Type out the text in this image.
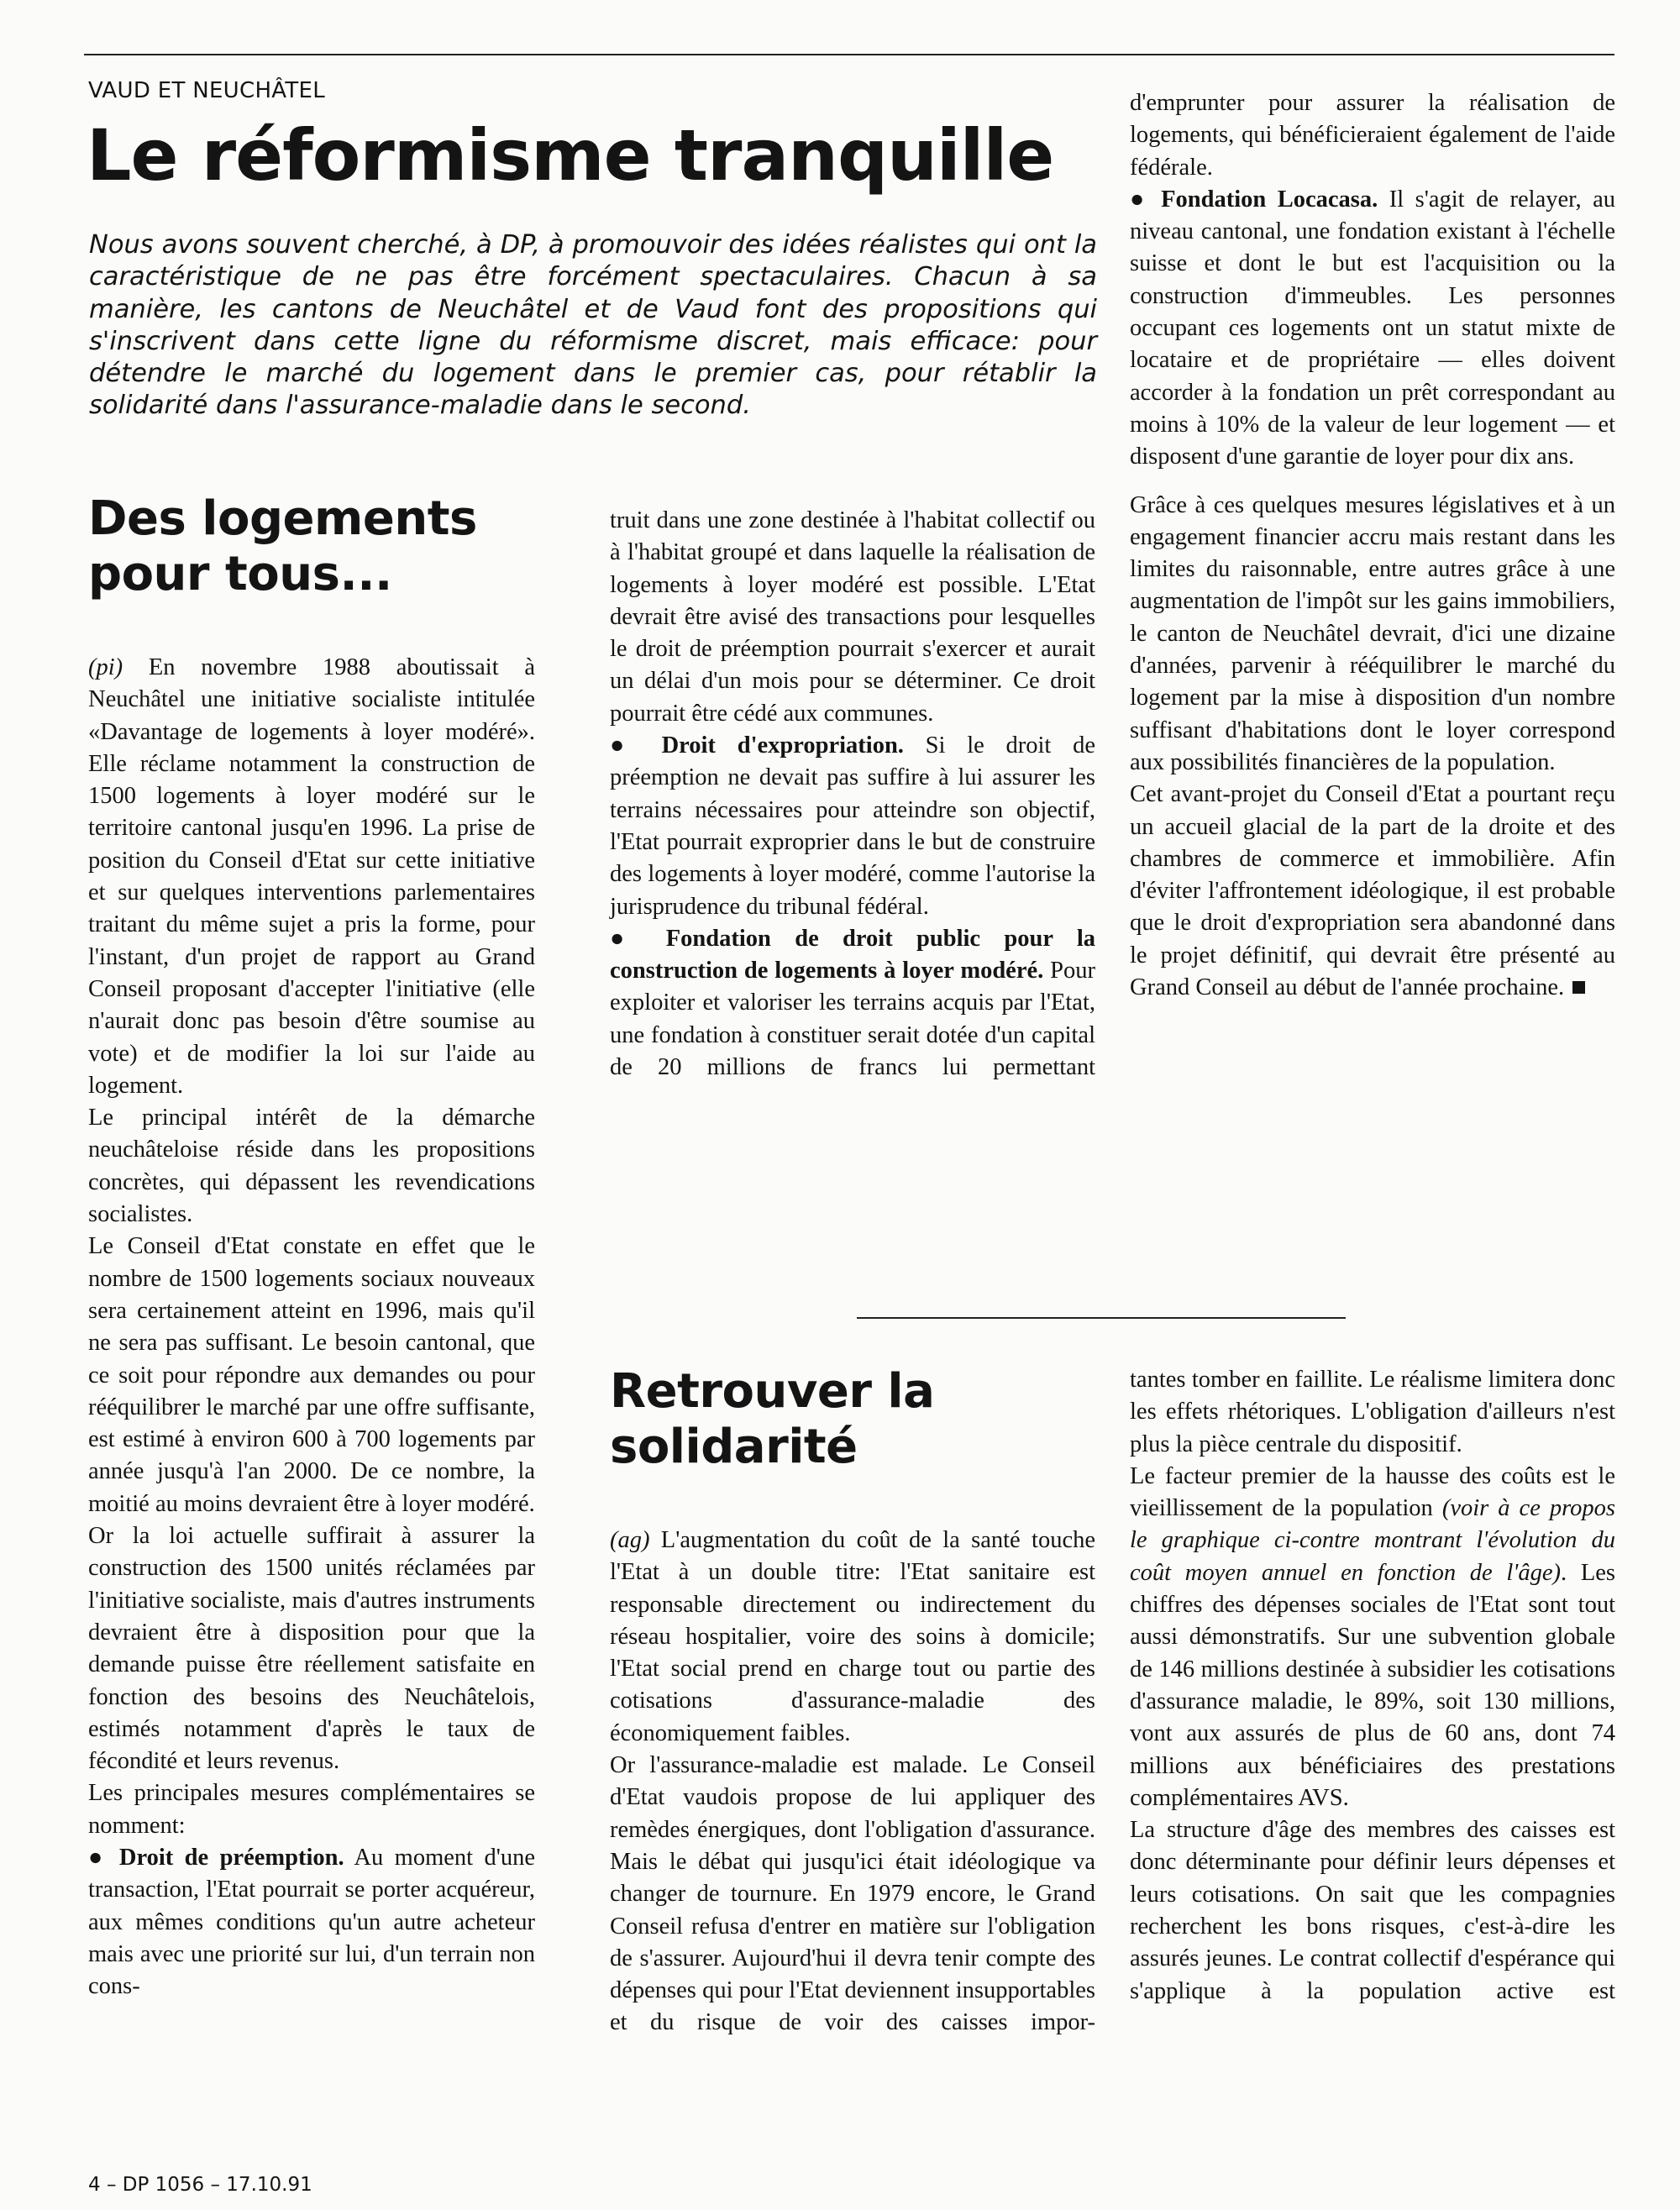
VAUD ET NEUCHÂTEL
Le réformisme tranquille
Nous avons souvent cherché, à DP, à promouvoir des idées réalistes qui ont la caractéristique de ne pas être forcément spectaculaires. Chacun à sa manière, les cantons de Neuchâtel et de Vaud font des propositions qui s'inscrivent dans cette ligne du réformisme discret, mais efficace: pour détendre le marché du logement dans le premier cas, pour rétablir la solidarité dans l'assurance-maladie dans le second.
Des logements
pour tous...

(pi) En novembre 1988 aboutissait à Neuchâtel une initiative socialiste intitulée «Davantage de logements à loyer modéré». Elle réclame notamment la construction de 1500 logements à loyer modéré sur le territoire cantonal jusqu'en 1996. La prise de position du Conseil d'Etat sur cette initiative et sur quelques interventions parlementaires traitant du même sujet a pris la forme, pour l'instant, d'un projet de rapport au Grand Conseil proposant d'accepter l'initiative (elle n'aurait donc pas besoin d'être soumise au vote) et de modifier la loi sur l'aide au logement.

Le principal intérêt de la démarche neuchâteloise réside dans les propositions concrètes, qui dépassent les revendications socialistes.

Le Conseil d'Etat constate en effet que le nombre de 1500 logements sociaux nouveaux sera certainement atteint en 1996, mais qu'il ne sera pas suffisant. Le besoin cantonal, que ce soit pour répondre aux demandes ou pour rééquilibrer le marché par une offre suffisante, est estimé à environ 600 à 700 logements par année jusqu'à l'an 2000. De ce nombre, la moitié au moins devraient être à loyer modéré.

Or la loi actuelle suffirait à assurer la construction des 1500 unités réclamées par l'initiative socialiste, mais d'autres instruments devraient être à disposition pour que la demande puisse être réellement satisfaite en fonction des besoins des Neuchâtelois, estimés notamment d'après le taux de fécondité et leurs revenus.

Les principales mesures complémentaires se nomment:

● Droit de préemption. Au moment d'une transaction, l'Etat pourrait se porter acquéreur, aux mêmes conditions qu'un autre acheteur mais avec une priorité sur lui, d'un terrain non cons-

truit dans une zone destinée à l'habitat collectif ou à l'habitat groupé et dans laquelle la réalisation de logements à loyer modéré est possible. L'Etat devrait être avisé des transactions pour lesquelles le droit de préemption pourrait s'exercer et aurait un délai d'un mois pour se déterminer. Ce droit pourrait être cédé aux communes.

● Droit d'expropriation. Si le droit de préemption ne devait pas suffire à lui assurer les terrains nécessaires pour atteindre son objectif, l'Etat pourrait exproprier dans le but de construire des logements à loyer modéré, comme l'autorise la jurisprudence du tribunal fédéral.

● Fondation de droit public pour la construction de logements à loyer modéré. Pour exploiter et valoriser les terrains acquis par l'Etat, une fondation à constituer serait dotée d'un capital de 20 millions de francs lui permettant

d'emprunter pour assurer la réalisation de logements, qui bénéficieraient également de l'aide fédérale.

● Fondation Locacasa. Il s'agit de relayer, au niveau cantonal, une fondation existant à l'échelle suisse et dont le but est l'acquisition ou la construction d'immeubles. Les personnes occupant ces logements ont un statut mixte de locataire et de propriétaire — elles doivent accorder à la fondation un prêt correspondant au moins à 10% de la valeur de leur logement — et disposent d'une garantie de loyer pour dix ans.

Grâce à ces quelques mesures législatives et à un engagement financier accru mais restant dans les limites du raisonnable, entre autres grâce à une augmentation de l'impôt sur les gains immobiliers, le canton de Neuchâtel devrait, d'ici une dizaine d'années, parvenir à rééquilibrer le marché du logement par la mise à disposition d'un nombre suffisant d'habitations dont le loyer correspond aux possibilités financières de la population.

Cet avant-projet du Conseil d'Etat a pourtant reçu un accueil glacial de la part de la droite et des chambres de commerce et immobilière. Afin d'éviter l'affrontement idéologique, il est probable que le droit d'expropriation sera abandonné dans le projet définitif, qui devrait être présenté au Grand Conseil au début de l'année prochaine.

Retrouver la
solidarité

(ag) L'augmentation du coût de la santé touche l'Etat à un double titre: l'Etat sanitaire est responsable directement ou indirectement du réseau hospitalier, voire des soins à domicile; l'Etat social prend en charge tout ou partie des cotisations d'assurance-maladie des économiquement faibles.

Or l'assurance-maladie est malade. Le Conseil d'Etat vaudois propose de lui appliquer des remèdes énergiques, dont l'obligation d'assurance. Mais le débat qui jusqu'ici était idéologique va changer de tournure. En 1979 encore, le Grand Conseil refusa d'entrer en matière sur l'obligation de s'assurer. Aujourd'hui il devra tenir compte des dépenses qui pour l'Etat deviennent insupportables et du risque de voir des caisses impor-

tantes tomber en faillite. Le réalisme limitera donc les effets rhétoriques. L'obligation d'ailleurs n'est plus la pièce centrale du dispositif.

Le facteur premier de la hausse des coûts est le vieillissement de la population (voir à ce propos le graphique ci-contre montrant l'évolution du coût moyen annuel en fonction de l'âge). Les chiffres des dépenses sociales de l'Etat sont tout aussi démonstratifs. Sur une subvention globale de 146 millions destinée à subsidier les cotisations d'assurance maladie, le 89%, soit 130 millions, vont aux assurés de plus de 60 ans, dont 74 millions aux bénéficiaires des prestations complémentaires AVS.

La structure d'âge des membres des caisses est donc déterminante pour définir leurs dépenses et leurs cotisations. On sait que les compagnies recherchent les bons risques, c'est-à-dire les assurés jeunes. Le contrat collectif d'espérance qui s'applique à la population active est

4 – DP 1056 – 17.10.91
